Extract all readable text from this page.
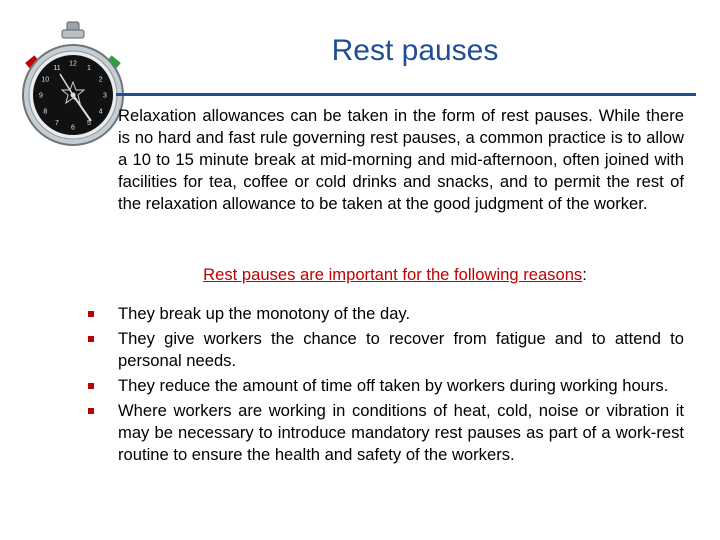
12
1
2
3
4
5
6
7
8
9
10
11
Rest pauses

Relaxation allowances can be taken in the form of rest pauses. While there is no hard and fast rule governing rest pauses, a common practice is to allow a 10 to 15 minute break at mid-morning and mid-afternoon, often joined with facilities for tea, coffee or cold drinks and snacks, and to permit the rest of the relaxation allowance to be taken at the good judgment of the worker.

Rest pauses are important for the following reasons:

They break up the monotony of the day.
They give workers the chance to recover from fatigue and to attend to personal needs.
They reduce the amount of time off taken by workers during working hours.
Where workers are working in conditions of heat, cold, noise or vibration it may be necessary to introduce mandatory rest pauses as part of a work-rest routine to ensure the health and safety of the workers.
